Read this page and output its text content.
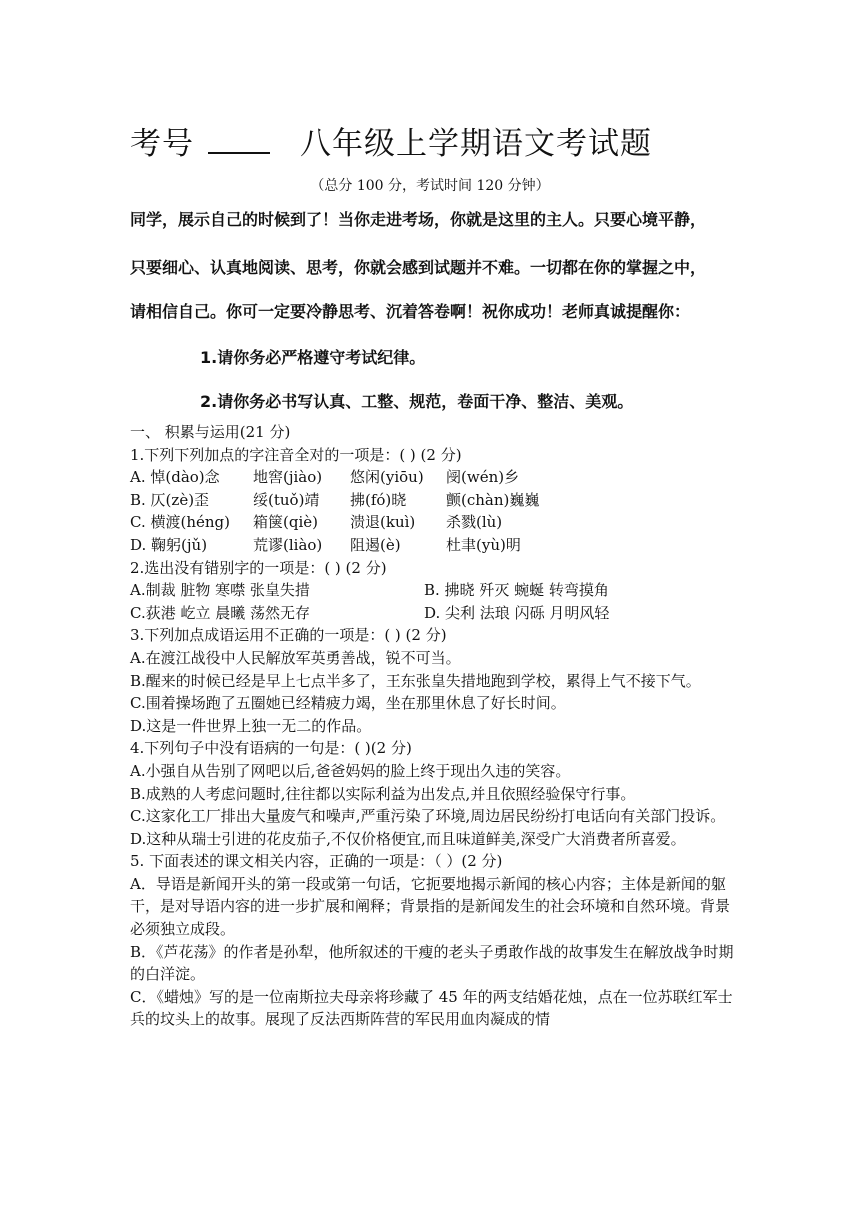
考号	八年级上学期语文考试题
（总分 100 分，考试时间 120 分钟）
同学，展示自己的时候到了！当你走进考场，你就是这里的主人。只要心境平静，
只要细心、认真地阅读、思考，你就会感到试题并不难。一切都在你的掌握之中，
请相信自己。你可一定要冷静思考、沉着答卷啊！祝你成功！老师真诚提醒你：
1.请你务必严格遵守考试纪律。
2.请你务必书写认真、工整、规范，卷面干净、整洁、美观。
一、 积累与运用(21 分)
1.下列下列加点的字注音全对的一项是：( ) (2 分)
A. 悼(dào)念 地窖(jiào) 悠闲(yiōu) 阌(wén)乡
B. 仄(zè)歪	绥(tuǒ)靖 拂(fó)晓	颤(chàn)巍巍
C. 横渡(héng) 箱箧(qiè) 溃退(kuì) 杀戮(lù)
D. 鞠躬(jǔ)	荒谬(liào) 阻遏(è)	杜聿(yù)明
2.选出没有错别字的一项是：( ) (2 分)
A.制裁 脏物 寒噤 张皇失措	B. 拂晓 歼灭 蜿蜒 转弯摸角
C.荻港 屹立 晨曦 荡然无存	D. 尖利 法琅 闪砾 月明风轻
3.下列加点成语运用不正确的一项是：( ) (2 分)
A.在渡江战役中人民解放军英勇善战，锐不可当。
B.醒来的时候已经是早上七点半多了，王东张皇失措地跑到学校，累得上气不接下气。
C.围着操场跑了五圈她已经精疲力竭，坐在那里休息了好长时间。
D.这是一件世界上独一无二的作品。
4.下列句子中没有语病的一句是：( )(2 分)
A.小强自从告别了网吧以后,爸爸妈妈的脸上终于现出久违的笑容。
B.成熟的人考虑问题时,往往都以实际利益为出发点,并且依照经验保守行事。
C.这家化工厂排出大量废气和噪声,严重污染了环境,周边居民纷纷打电话向有关部门投诉。
D.这种从瑞士引进的花皮茄子,不仅价格便宜,而且味道鲜美,深受广大消费者所喜爱。
5. 下面表述的课文相关内容，正确的一项是：（ ）(2 分)
A．导语是新闻开头的第一段或第一句话，它扼要地揭示新闻的核心内容；主体是新闻的躯干，是对导语内容的进一步扩展和阐释；背景指的是新闻发生的社会环境和自然环境。背景必须独立成段。
B．《芦花荡》的作者是孙犁，他所叙述的干瘦的老头子勇敢作战的故事发生在解放战争时期的白洋淀。
C．《蜡烛》写的是一位南斯拉夫母亲将珍藏了 45 年的两支结婚花烛，点在一位苏联红军士兵的坟头上的故事。展现了反法西斯阵营的军民用血肉凝成的情
